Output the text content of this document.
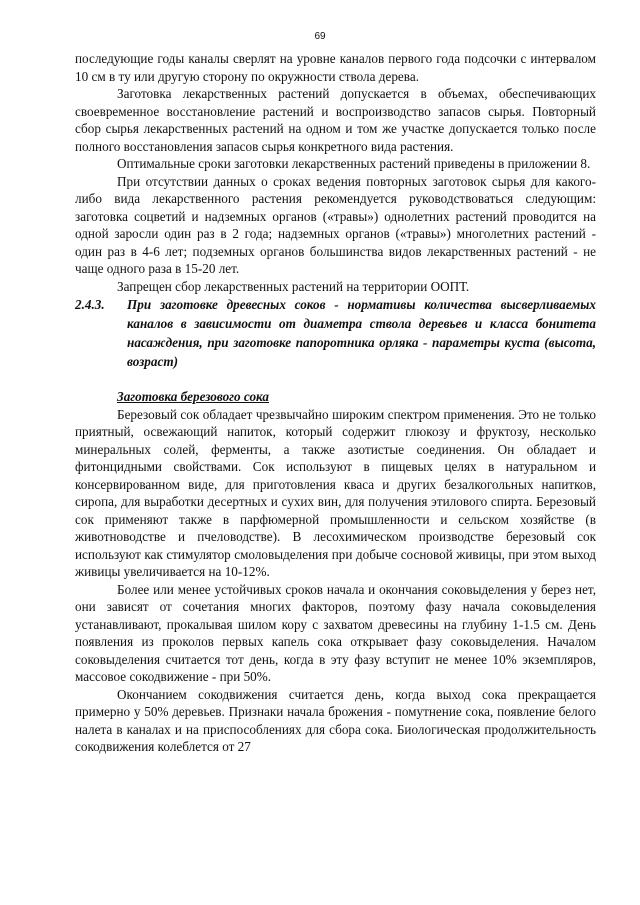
69

последующие годы каналы сверлят на уровне каналов первого года подсочки с интервалом 10 см в ту или другую сторону по окружности ствола дерева.

Заготовка лекарственных растений допускается в объемах, обеспечивающих своевременное восстановление растений и воспроизводство запасов сырья. Повторный сбор сырья лекарственных растений на одном и том же участке допускается только после полного восстановления запасов сырья конкретного вида растения.

Оптимальные сроки заготовки лекарственных растений приведены в приложении 8.

При отсутствии данных о сроках ведения повторных заготовок сырья для какого-либо вида лекарственного растения рекомендуется руководствоваться следующим: заготовка соцветий и надземных органов («травы») однолетних растений проводится на одной заросли один раз в 2 года; надземных органов («травы») многолетних растений - один раз в 4-6 лет; подземных органов большинства видов лекарственных растений - не чаще одного раза в 15-20 лет.

Запрещен сбор лекарственных растений на территории ООПТ.

2.4.3. При заготовке древесных соков - нормативы количества высверливаемых каналов в зависимости от диаметра ствола деревьев и класса бонитета насаждения, при заготовке папоротника орляка - параметры куста (высота, возраст)

Заготовка березового сока

Березовый сок обладает чрезвычайно широким спектром применения. Это не только приятный, освежающий напиток, который содержит глюкозу и фруктозу, несколько минеральных солей, ферменты, а также азотистые соединения. Он обладает и фитонцидными свойствами. Сок используют в пищевых целях в натуральном и консервированном виде, для приготовления кваса и других безалкогольных напитков, сиропа, для выработки десертных и сухих вин, для получения этилового спирта. Березовый сок применяют также в парфюмерной промышленности и сельском хозяйстве (в животноводстве и пчеловодстве). В лесохимическом производстве березовый сок используют как стимулятор смоловыделения при добыче сосновой живицы, при этом выход живицы увеличивается на 10-12%.

Более или менее устойчивых сроков начала и окончания соковыделения у берез нет, они зависят от сочетания многих факторов, поэтому фазу начала соковыделения устанавливают, прокалывая шилом кору с захватом древесины на глубину 1-1.5 см. День появления из проколов первых капель сока открывает фазу соковыделения. Началом соковыделения считается тот день, когда в эту фазу вступит не менее 10% экземпляров, массовое сокодвижение - при 50%.

Окончанием сокодвижения считается день, когда выход сока прекращается примерно у 50% деревьев. Признаки начала брожения - помутнение сока, появление белого налета в каналах и на приспособлениях для сбора сока. Биологическая продолжительность сокодвижения колеблется от 27
